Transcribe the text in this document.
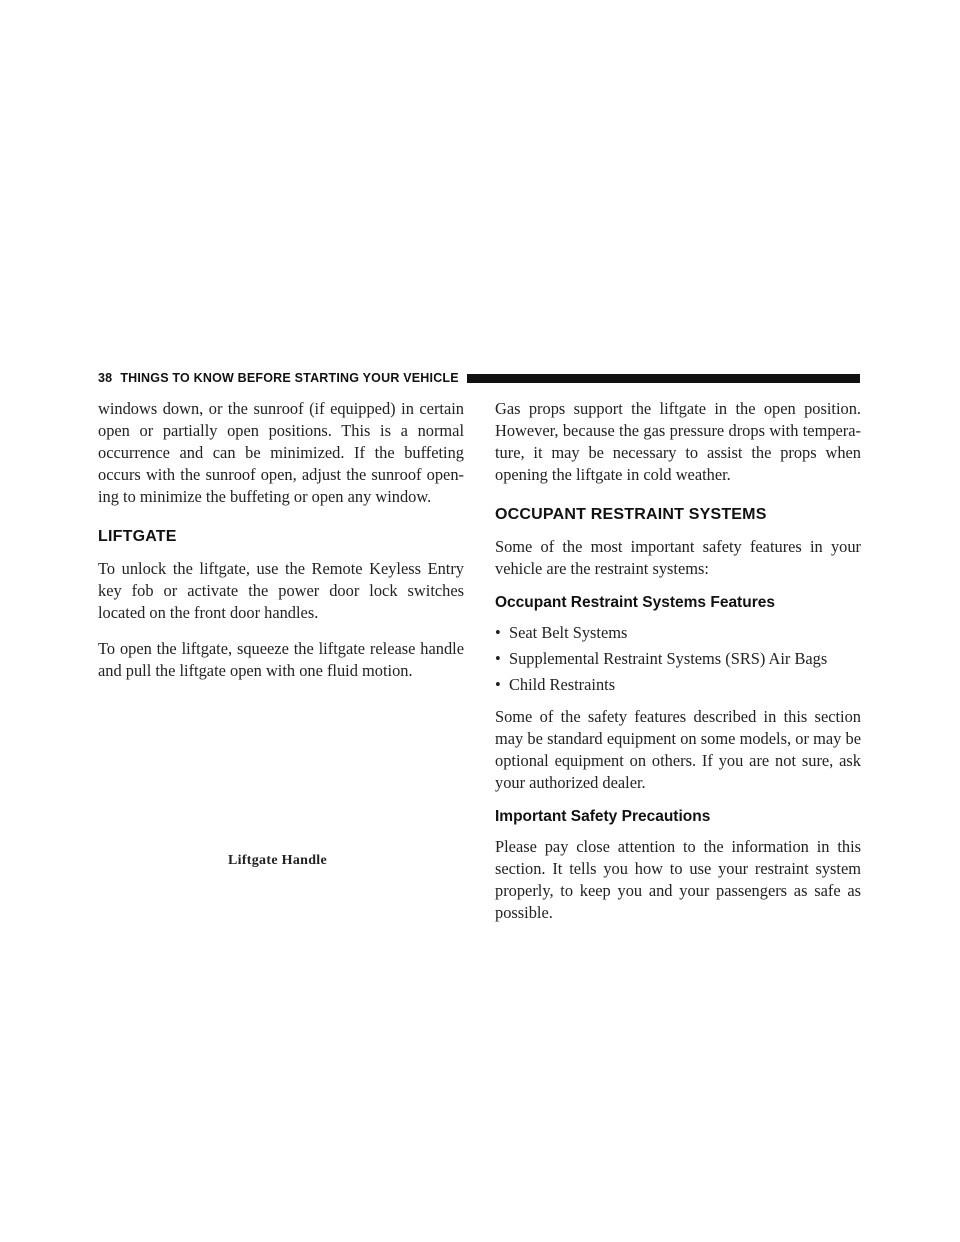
38 THINGS TO KNOW BEFORE STARTING YOUR VEHICLE

windows down, or the sunroof (if equipped) in certain open or partially open positions. This is a normal occurrence and can be minimized. If the buffeting occurs with the sunroof open, adjust the sunroof open- ing to minimize the buffeting or open any window.

LIFTGATE

To unlock the liftgate, use the Remote Keyless Entry key fob or activate the power door lock switches located on the front door handles.

To open the liftgate, squeeze the liftgate release handle and pull the liftgate open with one fluid motion.

Liftgate Handle

Gas props support the liftgate in the open position. However, because the gas pressure drops with tempera- ture, it may be necessary to assist the props when opening the liftgate in cold weather.

OCCUPANT RESTRAINT SYSTEMS

Some of the most important safety features in your vehicle are the restraint systems:

Occupant Restraint Systems Features
• Seat Belt Systems
• Supplemental Restraint Systems (SRS) Air Bags
• Child Restraints

Some of the safety features described in this section may be standard equipment on some models, or may be optional equipment on others. If you are not sure, ask your authorized dealer.

Important Safety Precautions

Please pay close attention to the information in this section. It tells you how to use your restraint system properly, to keep you and your passengers as safe as possible.
